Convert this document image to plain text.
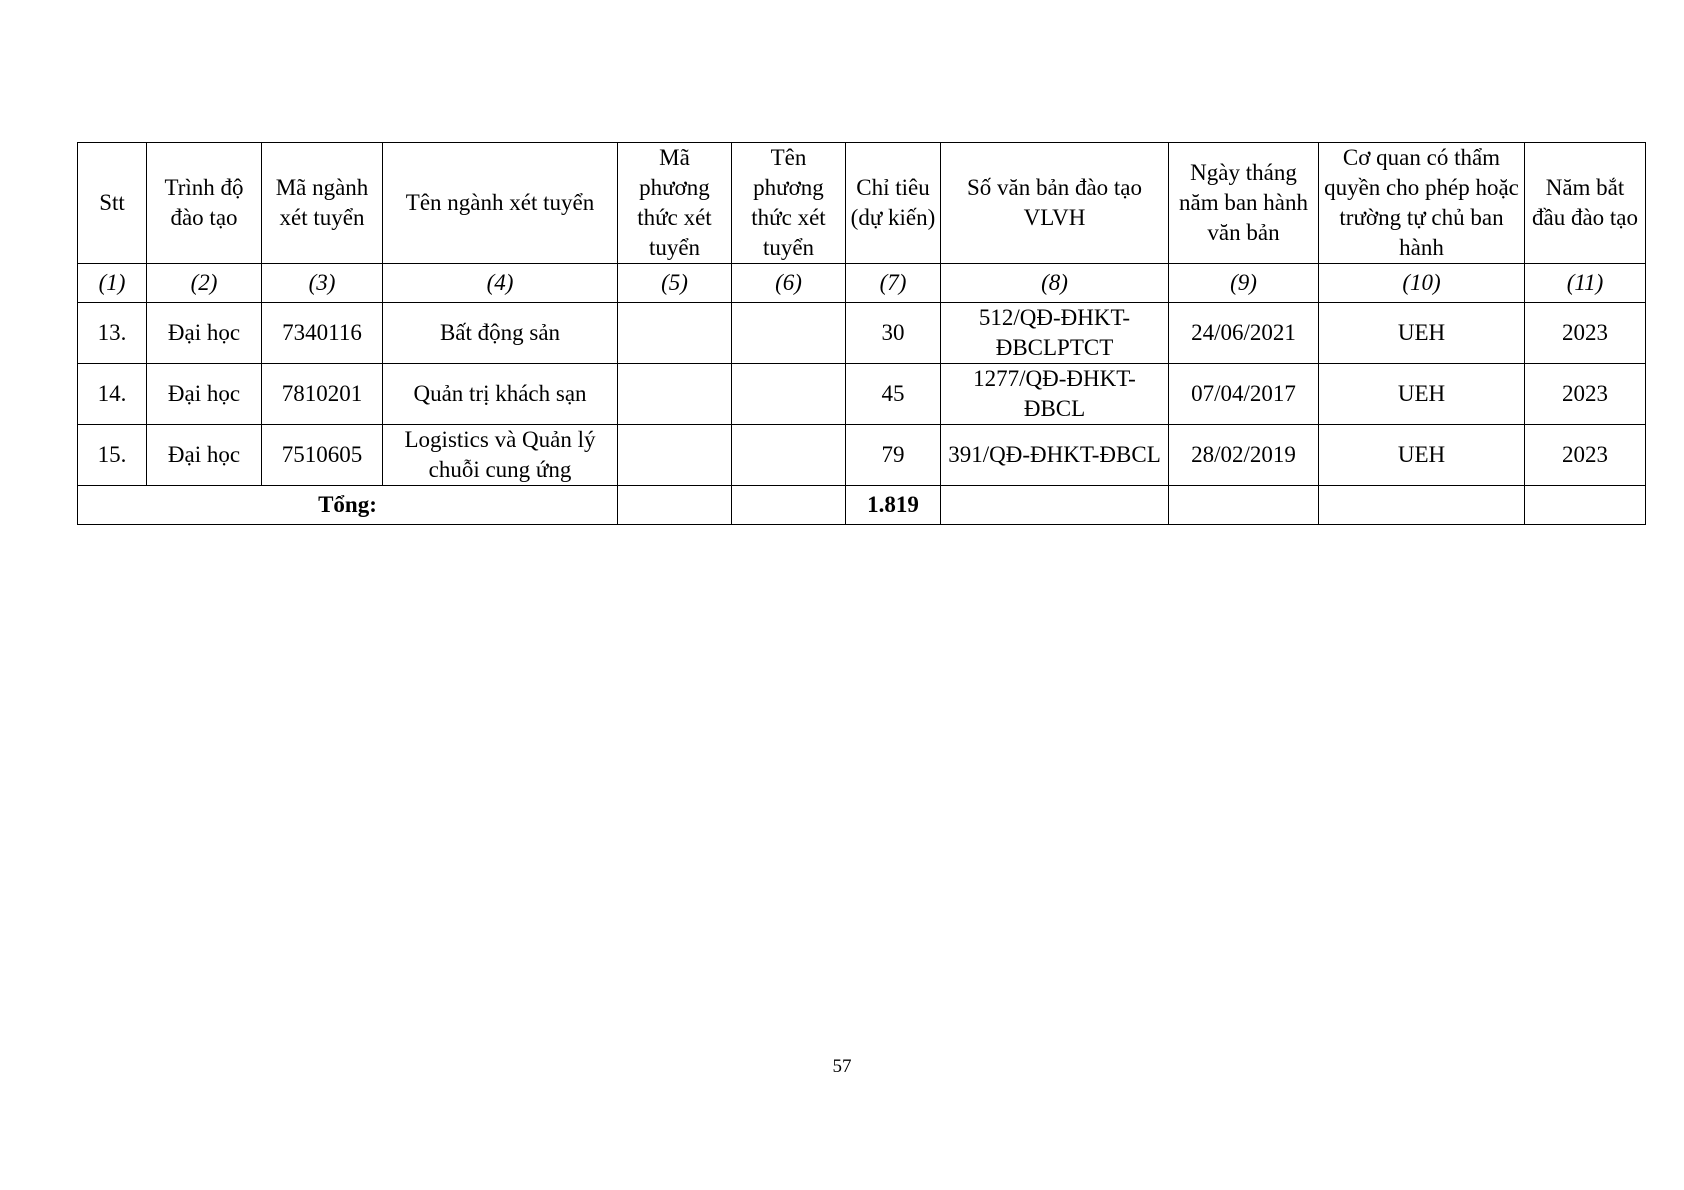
Stt	Trình độ đào tạo	Mã ngành xét tuyển	Tên ngành xét tuyển	Mã phương thức xét tuyển	Tên phương thức xét tuyển	Chỉ tiêu (dự kiến)	Số văn bản đào tạo VLVH	Ngày tháng năm ban hành văn bản	Cơ quan có thẩm quyền cho phép hoặc trường tự chủ ban hành	Năm bắt đầu đào tạo
(1)	(2)	(3)	(4)	(5)	(6)	(7)	(8)	(9)	(10)	(11)
13.	Đại học	7340116	Bất động sản			30	512/QĐ-ĐHKT-ĐBCLPTCT	24/06/2021	UEH	2023
14.	Đại học	7810201	Quản trị khách sạn			45	1277/QĐ-ĐHKT-ĐBCL	07/04/2017	UEH	2023
15.	Đại học	7510605	Logistics và Quản lý chuỗi cung ứng			79	391/QĐ-ĐHKT-ĐBCL	28/02/2019	UEH	2023
Tổng:						1.819				
57
